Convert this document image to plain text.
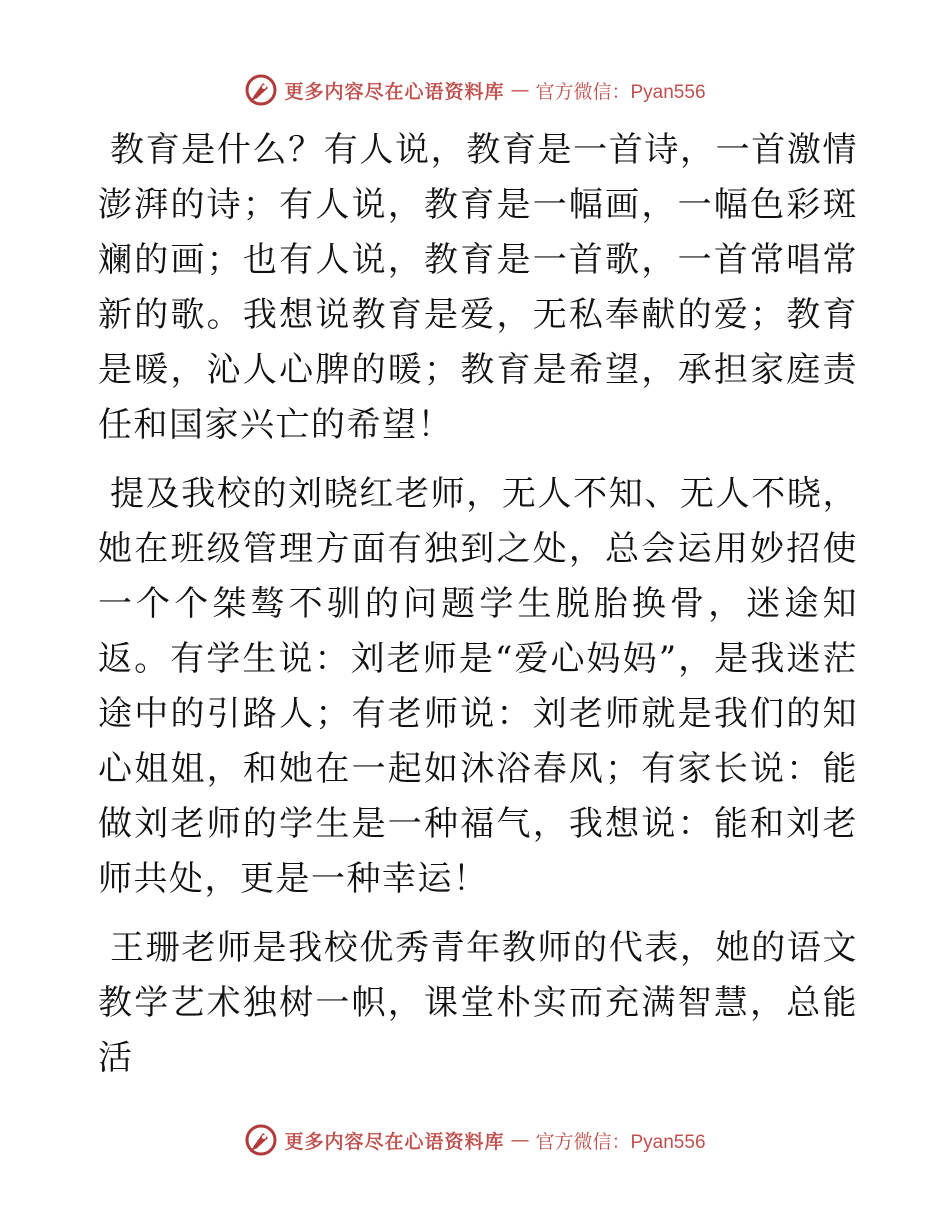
更多内容尽在心语资料库 — 官方微信：Pyan556

教育是什么？有人说，教育是一首诗，一首激情澎湃的诗；有人说，教育是一幅画，一幅色彩斑斓的画；也有人说，教育是一首歌，一首常唱常新的歌。我想说教育是爱，无私奉献的爱；教育是暖，沁人心脾的暖；教育是希望，承担家庭责任和国家兴亡的希望！

提及我校的刘晓红老师，无人不知、无人不晓，她在班级管理方面有独到之处，总会运用妙招使一个个桀骜不驯的问题学生脱胎换骨，迷途知返。有学生说：刘老师是“爱心妈妈”，是我迷茫途中的引路人；有老师说：刘老师就是我们的知心姐姐，和她在一起如沐浴春风；有家长说：能做刘老师的学生是一种福气，我想说：能和刘老师共处，更是一种幸运！

王珊老师是我校优秀青年教师的代表，她的语文教学艺术独树一帜，课堂朴实而充满智慧，总能活

更多内容尽在心语资料库 — 官方微信：Pyan556
